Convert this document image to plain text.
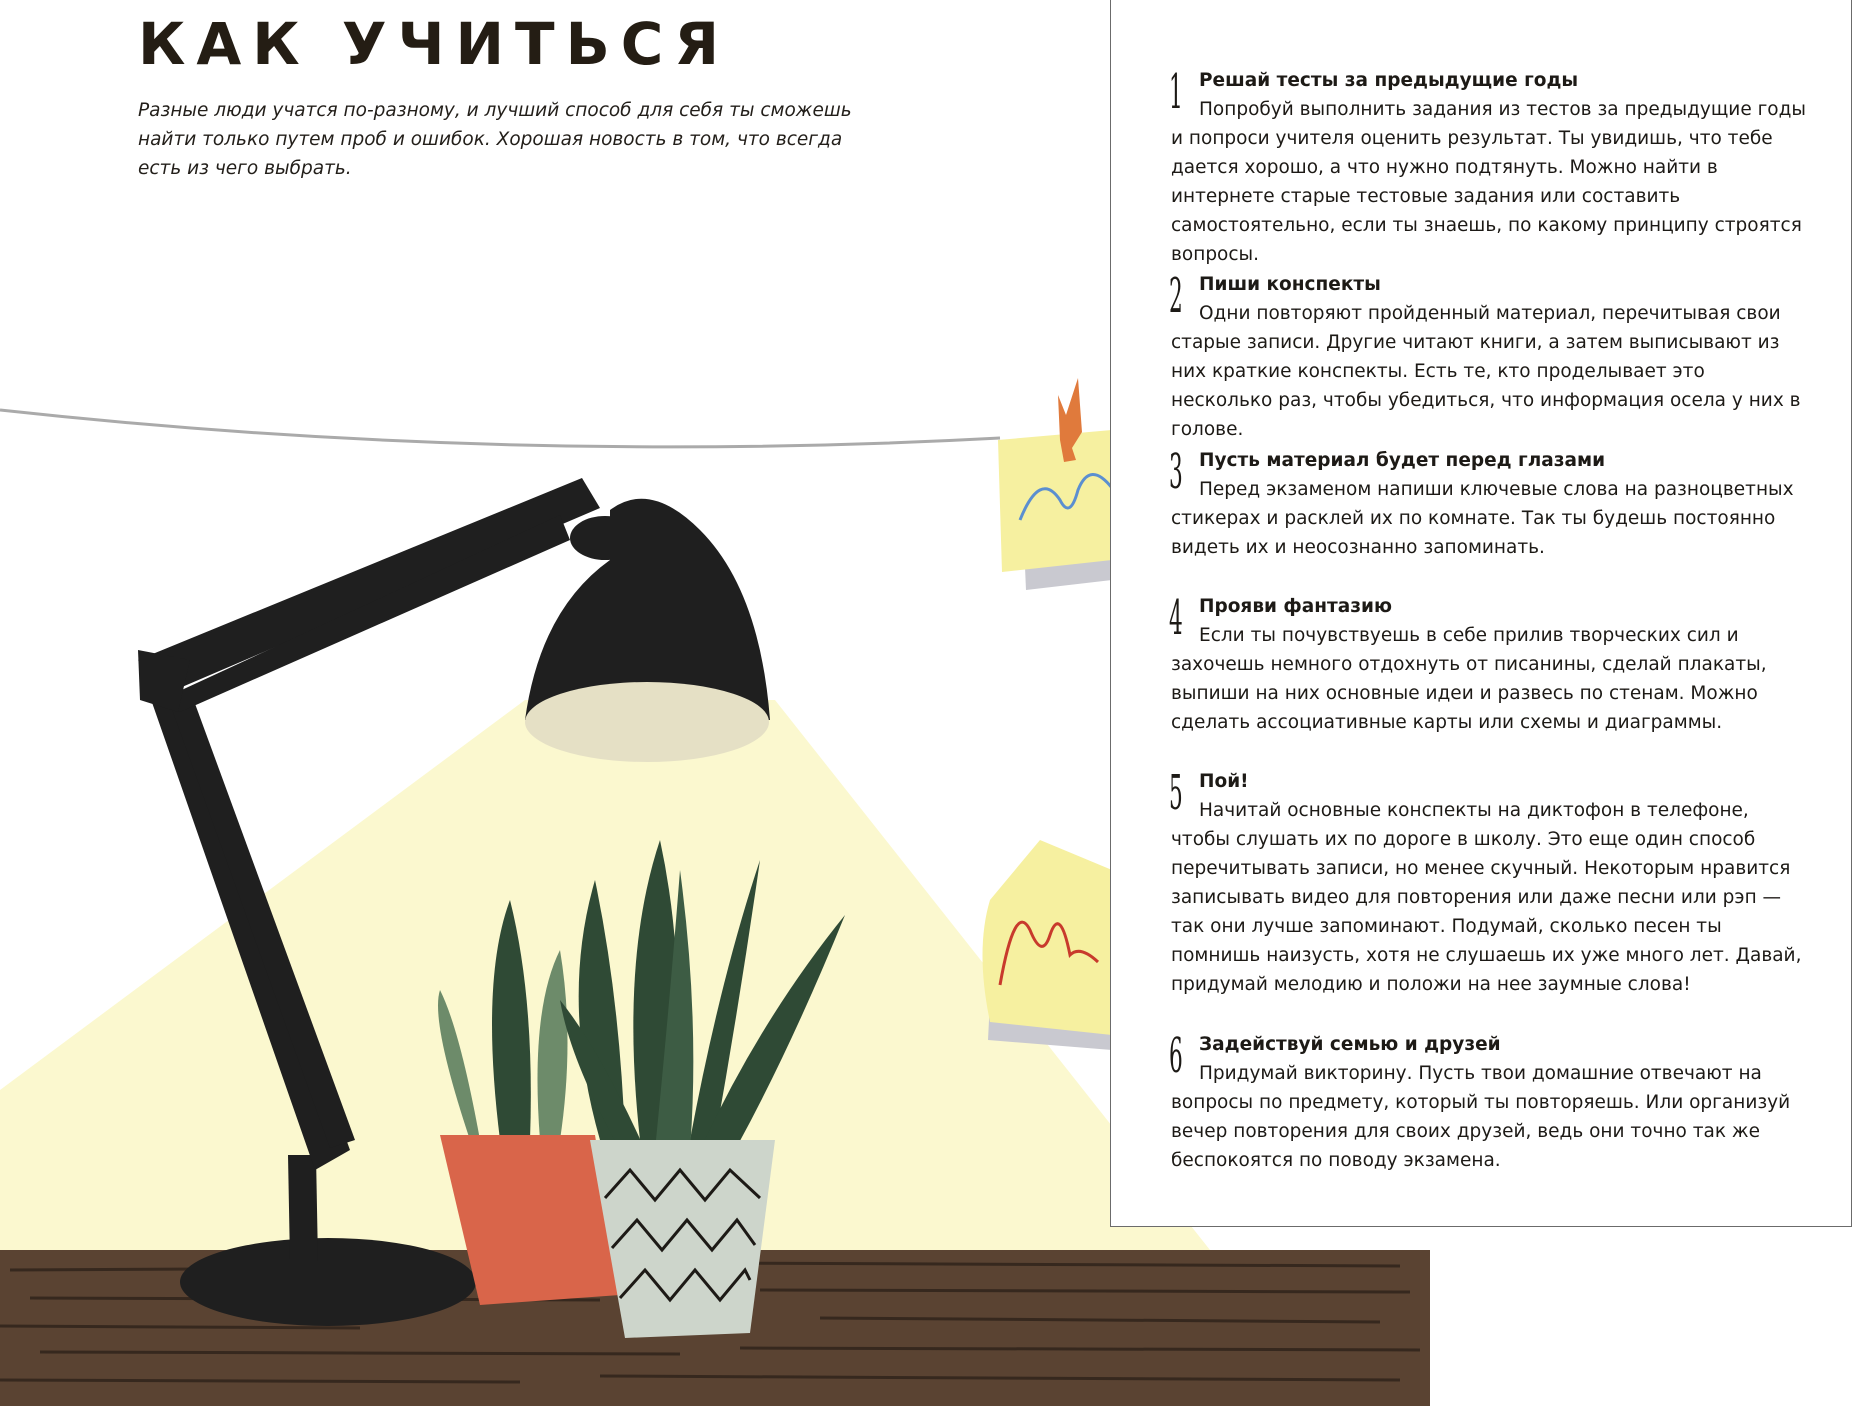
КАК УЧИТЬСЯ

Разные люди учатся по-разному, и лучший способ для себя ты сможешь найти только путем проб и ошибок. Хорошая новость в том, что всегда есть из чего выбрать.

1 Решай тесты за предыдущие годы
Попробуй выполнить задания из тестов за предыдущие годы и попроси учителя оценить результат. Ты увидишь, что тебе дается хорошо, а что нужно подтянуть. Можно найти в интернете старые тестовые задания или составить самостоятельно, если ты знаешь, по какому принципу строятся вопросы.
2 Пиши конспекты
Одни повторяют пройденный материал, перечитывая свои старые записи. Другие читают книги, а затем выписывают из них краткие конспекты. Есть те, кто проделывает это несколько раз, чтобы убедиться, что информация осела у них в голове.
3 Пусть материал будет перед глазами
Перед экзаменом напиши ключевые слова на разноцветных стикерах и расклей их по комнате. Так ты будешь постоянно видеть их и неосознанно запоминать.
4 Прояви фантазию
Если ты почувствуешь в себе прилив творческих сил и захочешь немного отдохнуть от писанины, сделай плакаты, выпиши на них основные идеи и развесь по стенам. Можно сделать ассоциативные карты или схемы и диаграммы.
5 Пой!
Начитай основные конспекты на диктофон в телефоне, чтобы слушать их по дороге в школу. Это еще один способ перечитывать записи, но менее скучный. Некоторым нравится записывать видео для повторения или даже песни или рэп — так они лучше запоминают. Подумай, сколько песен ты помнишь наизусть, хотя не слушаешь их уже много лет. Давай, придумай мелодию и положи на нее заумные слова!
6 Задействуй семью и друзей
Придумай викторину. Пусть твои домашние отвечают на вопросы по предмету, который ты повторяешь. Или организуй вечер повторения для своих друзей, ведь они точно так же беспокоятся по поводу экзамена.
